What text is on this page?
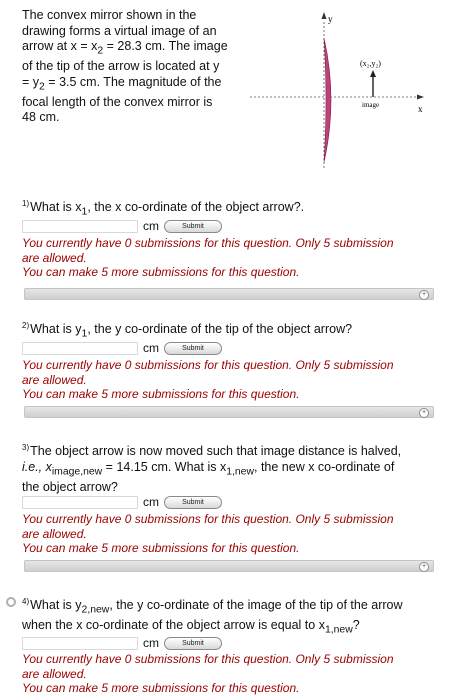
The convex mirror shown in the
drawing forms a virtual image of an
arrow at $x = x_2 = 28.3$ cm. The image
of the tip of the arrow is located at y
= $y_2 = 3.5$ cm. The magnitude of the
focal length of the convex mirror is
48 cm.
y
x
(x₂,y₂)
image
$^{1)}$What is $x_1$, the x co-ordinate of the object arrow?.
cm	Submit
You currently have 0 submissions for this question. Only 5 submission
are allowed.
You can make 5 more submissions for this question.
+
$^{2)}$What is $y_1$, the y co-ordinate of the tip of the object arrow?
cm	Submit
You currently have 0 submissions for this question. Only 5 submission
are allowed.
You can make 5 more submissions for this question.
+
$^{3)}$The object arrow is now moved such that image distance is halved,
i.e., $x_{image,new} = 14.15$ cm. What is $x_{1,new}$, the new x co-ordinate of
the object arrow?
cm	Submit
You currently have 0 submissions for this question. Only 5 submission
are allowed.
You can make 5 more submissions for this question.
+
$^{4)}$What is $y_{2,new}$, the y co-ordinate of the image of the tip of the arrow
when the x co-ordinate of the object arrow is equal to $x_{1,new}$?
cm	Submit
You currently have 0 submissions for this question. Only 5 submission
are allowed.
You can make 5 more submissions for this question.
